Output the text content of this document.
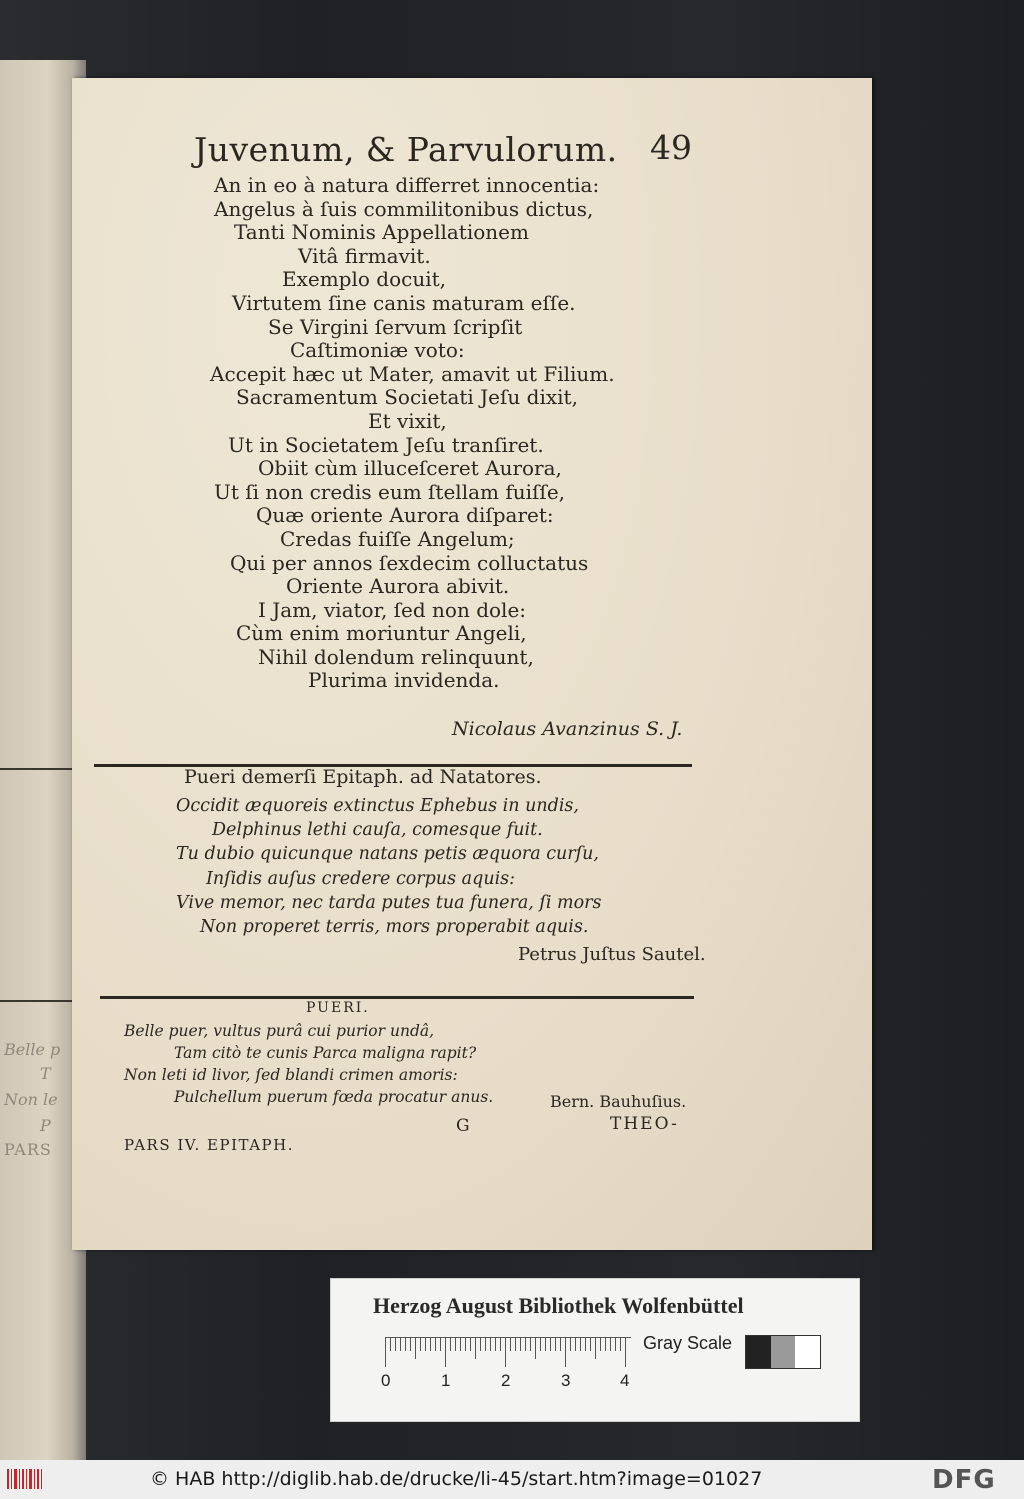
Belle p
T
Non le
P
PARS
Juvenum, & Parvulorum. 49
An in eo à natura differret innocentia:
Angelus à ſuis commilitonibus dictus,
Tanti Nominis Appellationem
Vitâ firmavit.
Exemplo docuit,
Virtutem ſine canis maturam eſſe.
Se Virgini ſervum ſcripſit
Caſtimoniæ voto:
Accepit hæc ut Mater, amavit ut Filium.
Sacramentum Societati Jeſu dixit,
Et vixit,
Ut in Societatem Jeſu tranſiret.
Obiit cùm illuceſceret Aurora,
Ut ſi non credis eum ſtellam fuiſſe,
Quæ oriente Aurora diſparet:
Credas fuiſſe Angelum;
Qui per annos ſexdecim colluctatus
Oriente Aurora abivit.
I Jam, viator, ſed non dole:
Cùm enim moriuntur Angeli,
Nihil dolendum relinquunt,
Plurima invidenda.
Nicolaus Avanzinus S. J.
Pueri demerſi Epitaph. ad Natatores.
Occidit æquoreis extinctus Ephebus in undis,
Delphinus lethi cauſa, comesque fuit.
Tu dubio quicunque natans petis æquora curſu,
Inſidis auſus credere corpus aquis:
Vive memor, nec tarda putes tua funera, ſi mors
Non properet terris, mors properabit aquis.
Petrus Juſtus Sautel.
PUERI.
Belle puer, vultus purâ cui purior undâ,
Tam citò te cunis Parca maligna rapit?
Non leti id livor, ſed blandi crimen amoris:
Pulchellum puerum fœda procatur anus.	Bern. Bauhuſius.
G	THEO-
PARS IV. EPITAPH.
Herzog August Bibliothek Wolfenbüttel
0	1	2	3	4
Gray Scale
© HAB http://diglib.hab.de/drucke/li-45/start.htm?image=01027	DFG
